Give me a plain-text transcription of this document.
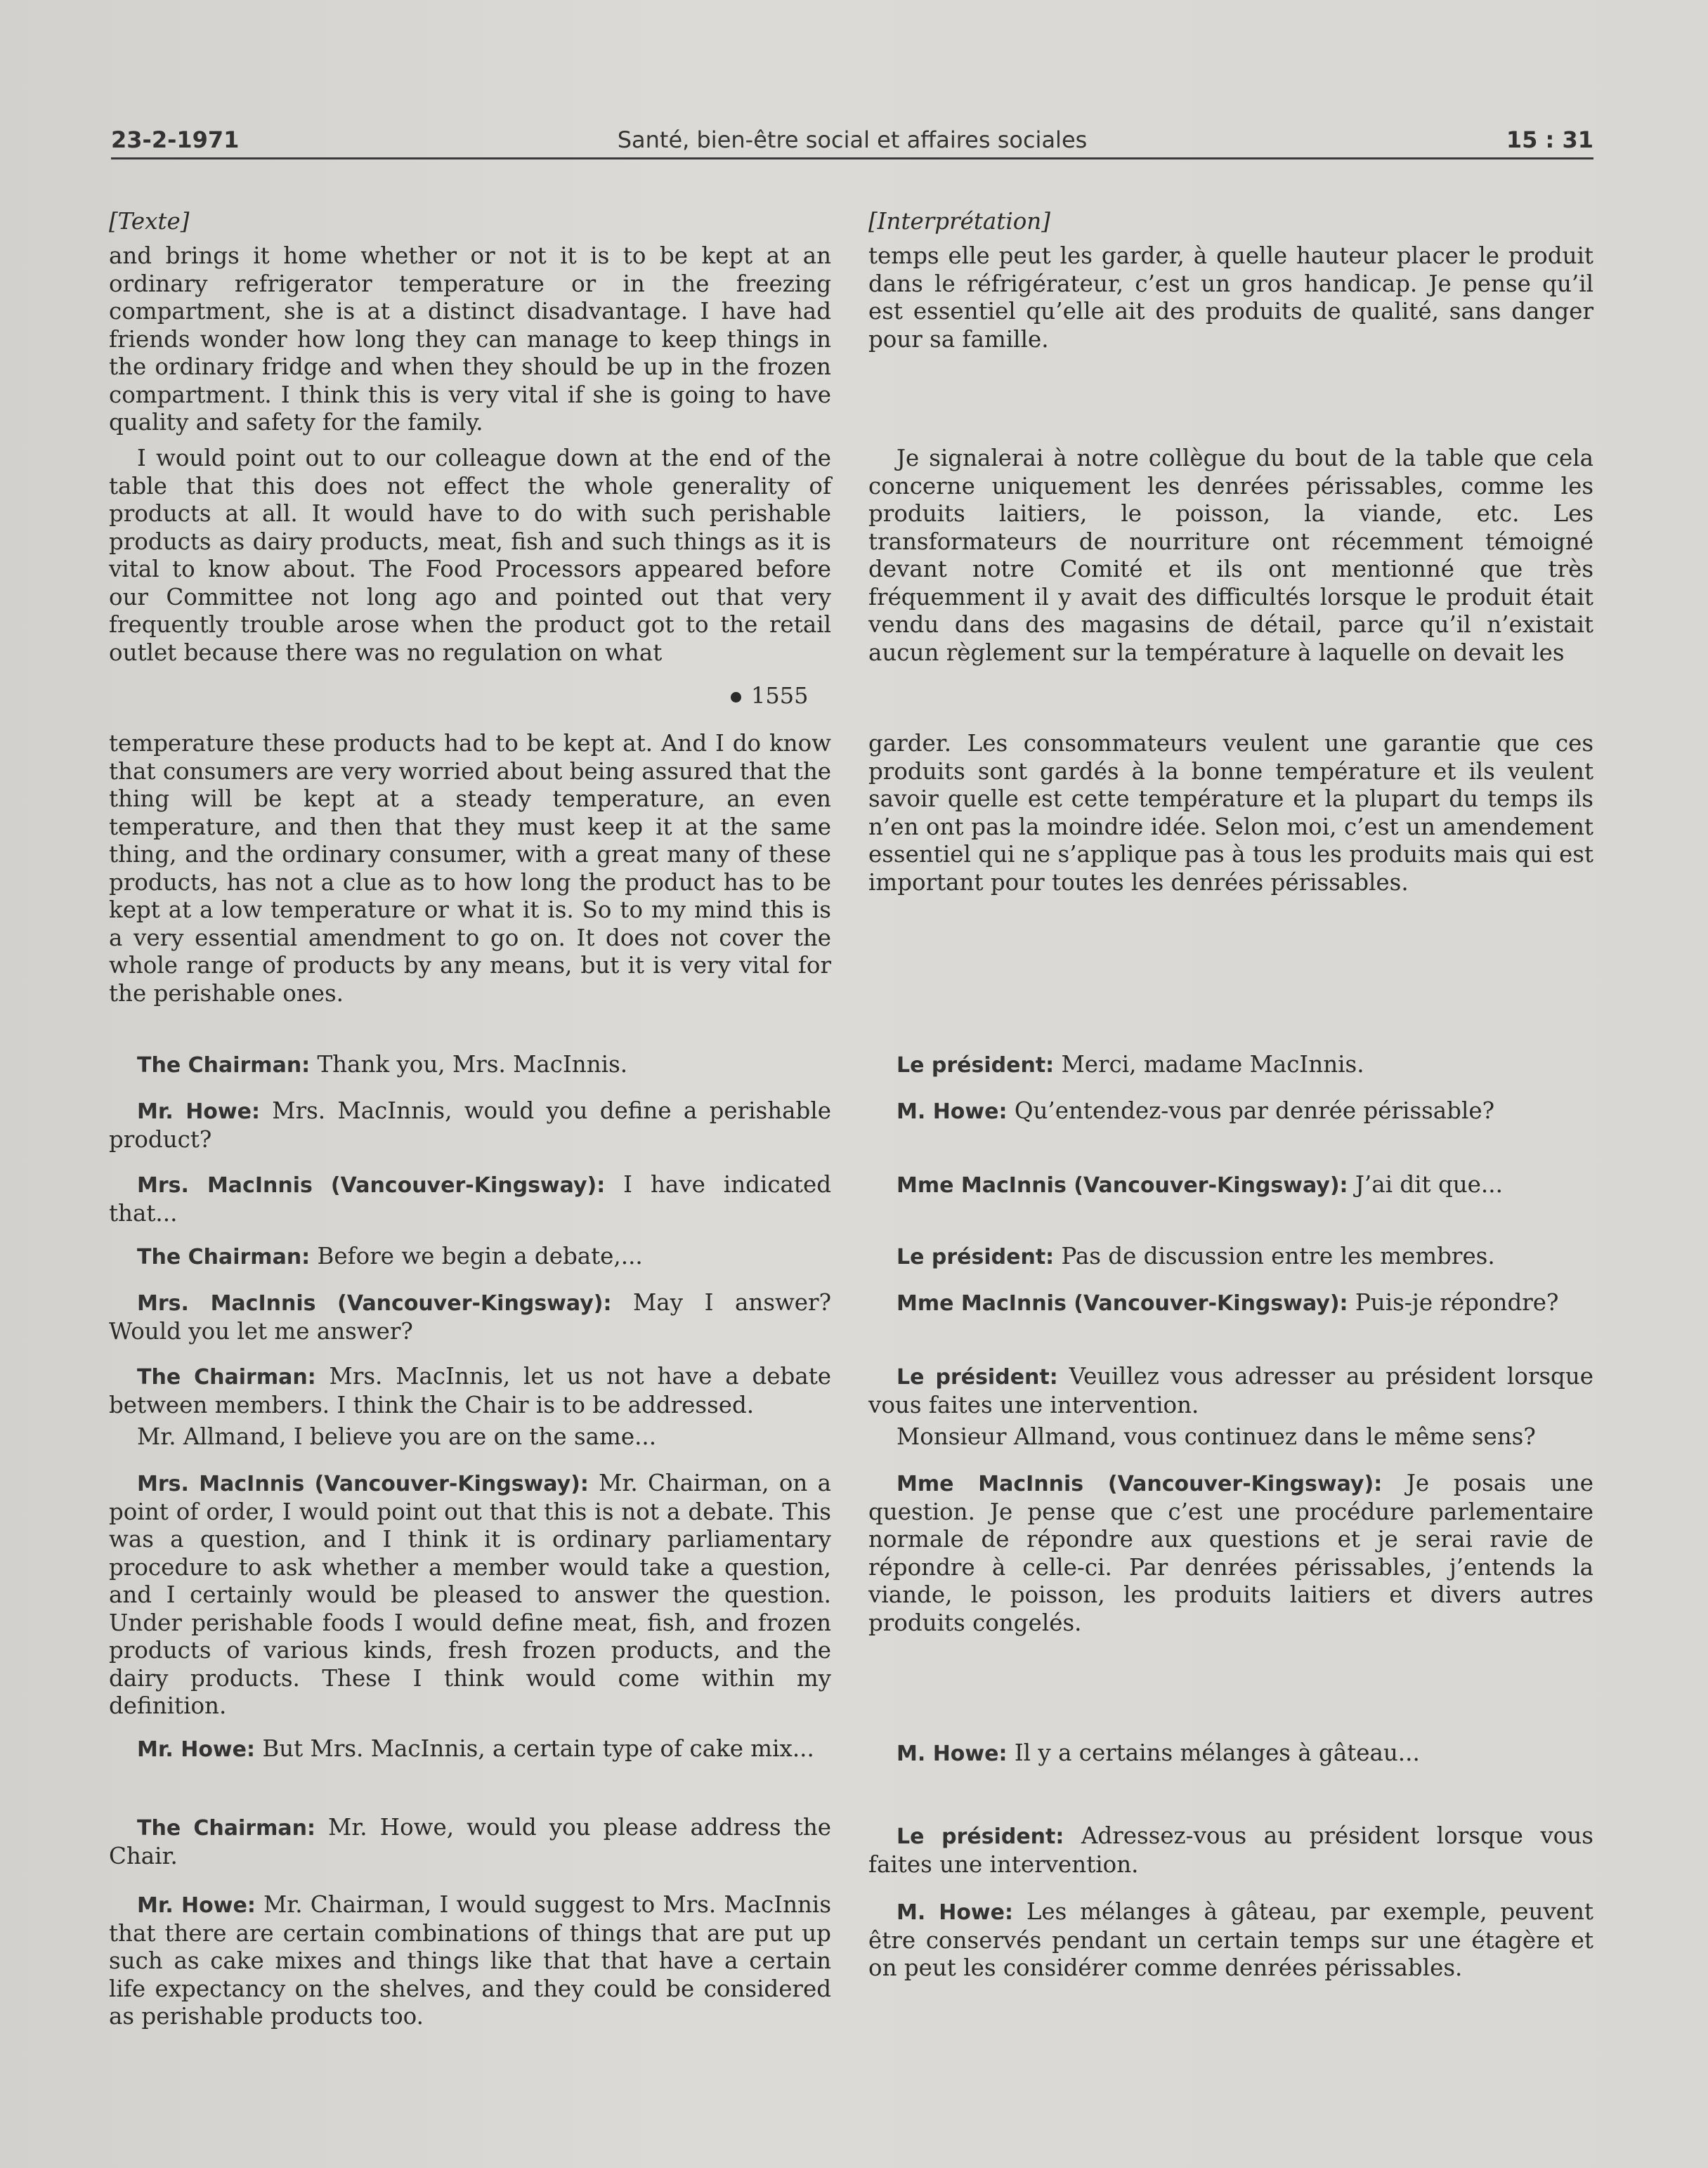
23-2-1971	Santé, bien-être social et affaires sociales	15 : 31

[Texte]

and brings it home whether or not it is to be kept at an ordinary refrigerator temperature or in the freezing compartment, she is at a distinct disadvantage. I have had friends wonder how long they can manage to keep things in the ordinary fridge and when they should be up in the frozen compartment. I think this is very vital if she is going to have quality and safety for the family.

I would point out to our colleague down at the end of the table that this does not effect the whole generality of products at all. It would have to do with such perishable products as dairy products, meat, fish and such things as it is vital to know about. The Food Processors appeared before our Committee not long ago and pointed out that very frequently trouble arose when the product got to the retail outlet because there was no regulation on what

1555

temperature these products had to be kept at. And I do know that consumers are very worried about being assured that the thing will be kept at a steady temperature, an even temperature, and then that they must keep it at the same thing, and the ordinary consumer, with a great many of these products, has not a clue as to how long the product has to be kept at a low temperature or what it is. So to my mind this is a very essential amendment to go on. It does not cover the whole range of products by any means, but it is very vital for the perishable ones.

The Chairman: Thank you, Mrs. MacInnis.

Mr. Howe: Mrs. MacInnis, would you define a perishable product?

Mrs. MacInnis (Vancouver-Kingsway): I have indicated that...

The Chairman: Before we begin a debate,...

Mrs. MacInnis (Vancouver-Kingsway): May I answer? Would you let me answer?

The Chairman: Mrs. MacInnis, let us not have a debate between members. I think the Chair is to be addressed.

Mr. Allmand, I believe you are on the same...

Mrs. MacInnis (Vancouver-Kingsway): Mr. Chairman, on a point of order, I would point out that this is not a debate. This was a question, and I think it is ordinary parliamentary procedure to ask whether a member would take a question, and I certainly would be pleased to answer the question. Under perishable foods I would define meat, fish, and frozen products of various kinds, fresh frozen products, and the dairy products. These I think would come within my definition.

Mr. Howe: But Mrs. MacInnis, a certain type of cake mix...

The Chairman: Mr. Howe, would you please address the Chair.

Mr. Howe: Mr. Chairman, I would suggest to Mrs. MacInnis that there are certain combinations of things that are put up such as cake mixes and things like that that have a certain life expectancy on the shelves, and they could be considered as perishable products too.

[Interprétation]

temps elle peut les garder, à quelle hauteur placer le produit dans le réfrigérateur, c’est un gros handicap. Je pense qu’il est essentiel qu’elle ait des produits de qualité, sans danger pour sa famille.

Je signalerai à notre collègue du bout de la table que cela concerne uniquement les denrées périssables, comme les produits laitiers, le poisson, la viande, etc. Les transformateurs de nourriture ont récemment témoigné devant notre Comité et ils ont mentionné que très fréquemment il y avait des difficultés lorsque le produit était vendu dans des magasins de détail, parce qu’il n’existait aucun règlement sur la température à laquelle on devait les

garder. Les consommateurs veulent une garantie que ces produits sont gardés à la bonne température et ils veulent savoir quelle est cette température et la plupart du temps ils n’en ont pas la moindre idée. Selon moi, c’est un amendement essentiel qui ne s’applique pas à tous les produits mais qui est important pour toutes les denrées périssables.

Le président: Merci, madame MacInnis.

M. Howe: Qu’entendez-vous par denrée périssable?

Mme MacInnis (Vancouver-Kingsway): J’ai dit que...

Le président: Pas de discussion entre les membres.

Mme MacInnis (Vancouver-Kingsway): Puis-je répondre?

Le président: Veuillez vous adresser au président lorsque vous faites une intervention.

Monsieur Allmand, vous continuez dans le même sens?

Mme MacInnis (Vancouver-Kingsway): Je posais une question. Je pense que c’est une procédure parlementaire normale de répondre aux questions et je serai ravie de répondre à celle-ci. Par denrées périssables, j’entends la viande, le poisson, les produits laitiers et divers autres produits congelés.

M. Howe: Il y a certains mélanges à gâteau...

Le président: Adressez-vous au président lorsque vous faites une intervention.

M. Howe: Les mélanges à gâteau, par exemple, peuvent être conservés pendant un certain temps sur une étagère et on peut les considérer comme denrées périssables.
